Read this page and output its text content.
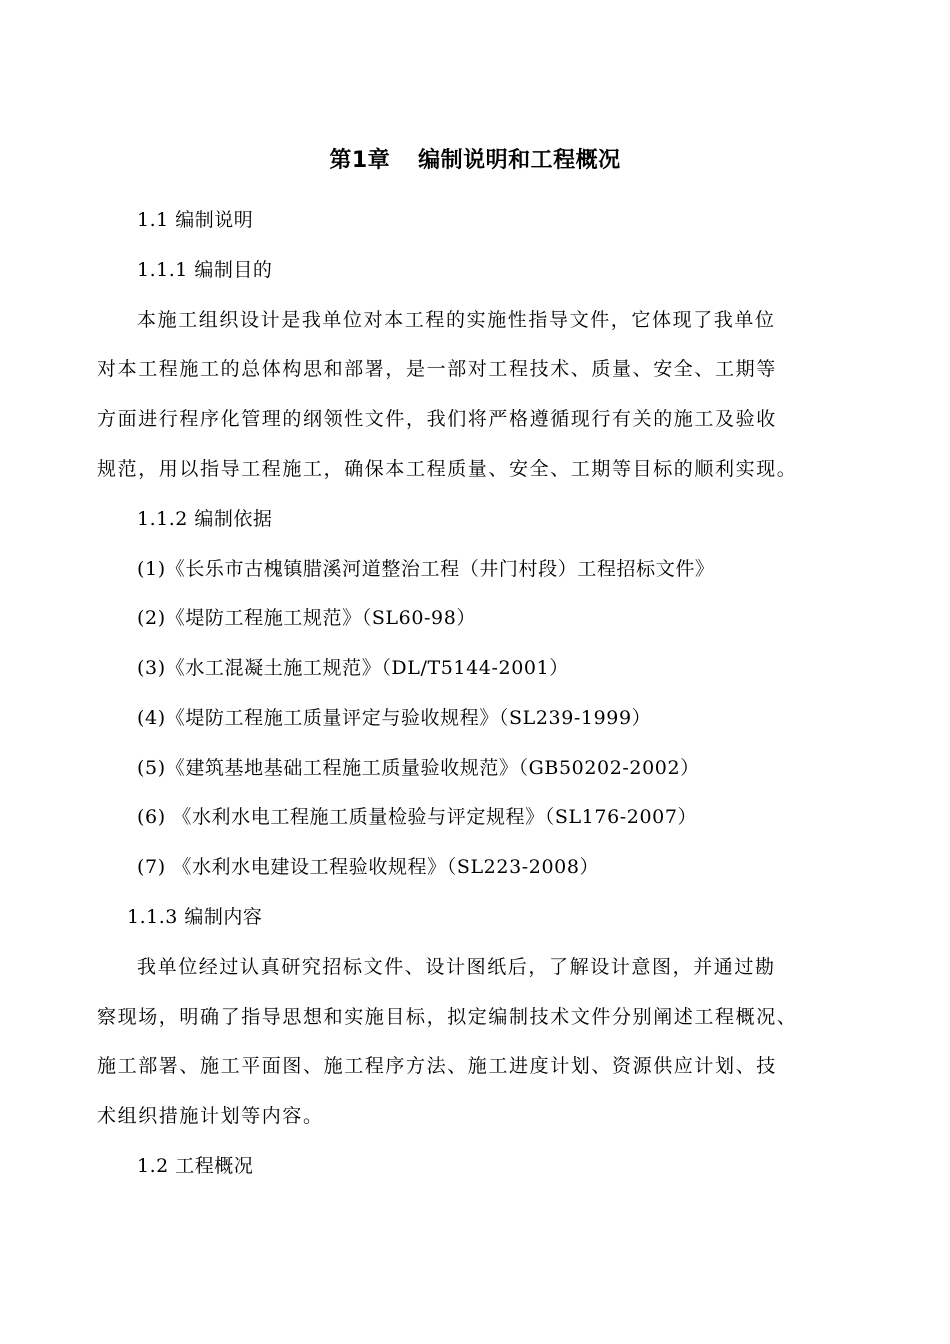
第1章 编制说明和工程概况
1.1 编制说明
1.1.1 编制目的
本施工组织设计是我单位对本工程的实施性指导文件，它体现了我单位
对本工程施工的总体构思和部署，是一部对工程技术、质量、安全、工期等
方面进行程序化管理的纲领性文件，我们将严格遵循现行有关的施工及验收
规范，用以指导工程施工，确保本工程质量、安全、工期等目标的顺利实现。
1.1.2 编制依据
(1)《长乐市古槐镇腊溪河道整治工程（井门村段）工程招标文件》
(2)《堤防工程施工规范》（SL60-98）
(3)《水工混凝土施工规范》（DL/T5144-2001）
(4)《堤防工程施工质量评定与验收规程》（SL239-1999）
(5)《建筑基地基础工程施工质量验收规范》（GB50202-2002）
(6) 《水利水电工程施工质量检验与评定规程》（SL176-2007）
(7) 《水利水电建设工程验收规程》（SL223-2008）
1.1.3 编制内容
我单位经过认真研究招标文件、设计图纸后，了解设计意图，并通过勘
察现场，明确了指导思想和实施目标，拟定编制技术文件分别阐述工程概况、
施工部署、施工平面图、施工程序方法、施工进度计划、资源供应计划、技
术组织措施计划等内容。
1.2 工程概况
